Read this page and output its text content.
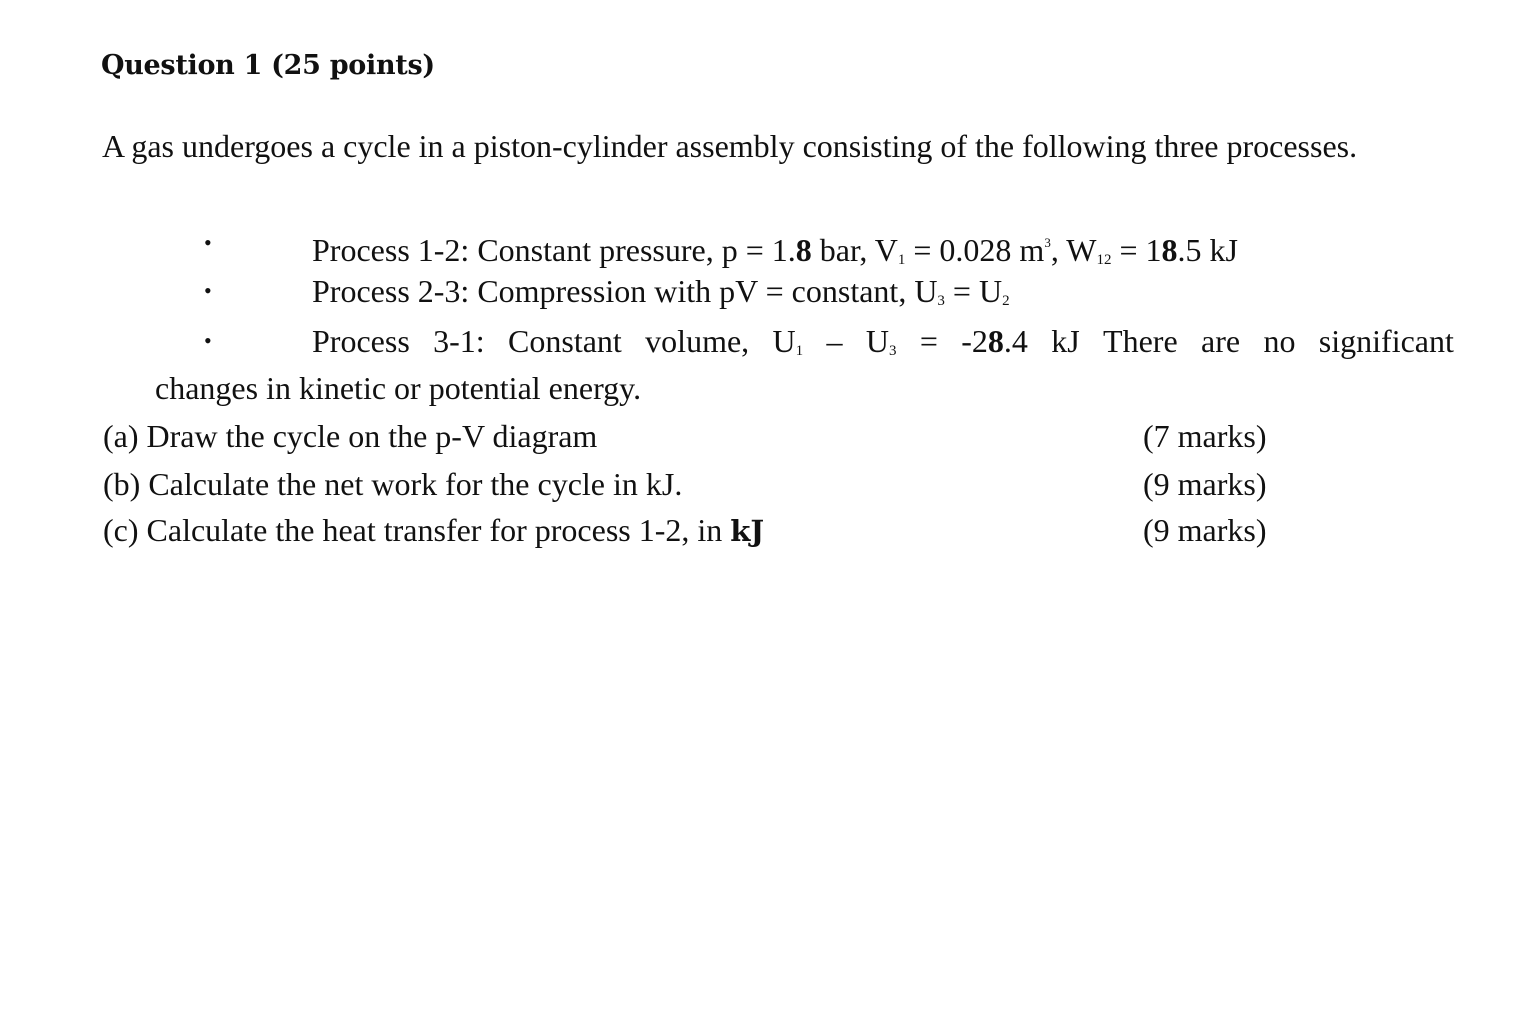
Question 1 (25 points)
A gas undergoes a cycle in a piston-cylinder assembly consisting of the following three processes.
•	Process 1-2: Constant pressure, p = 1.8 bar, $V_1 = 0.028$ $m^3$, $W_{12} = 18.5$ kJ
•	Process 2-3: Compression with pV = constant, $U_3 = U_2$
•	Process 3-1: Constant volume, $U_1 - U_3 = -28.4$ kJ There are no significant
changes in kinetic or potential energy.
(a) Draw the cycle on the p-V diagram	(7 marks)
(b) Calculate the net work for the cycle in kJ.	(9 marks)
(c) Calculate the heat transfer for process 1-2, in kJ	(9 marks)
